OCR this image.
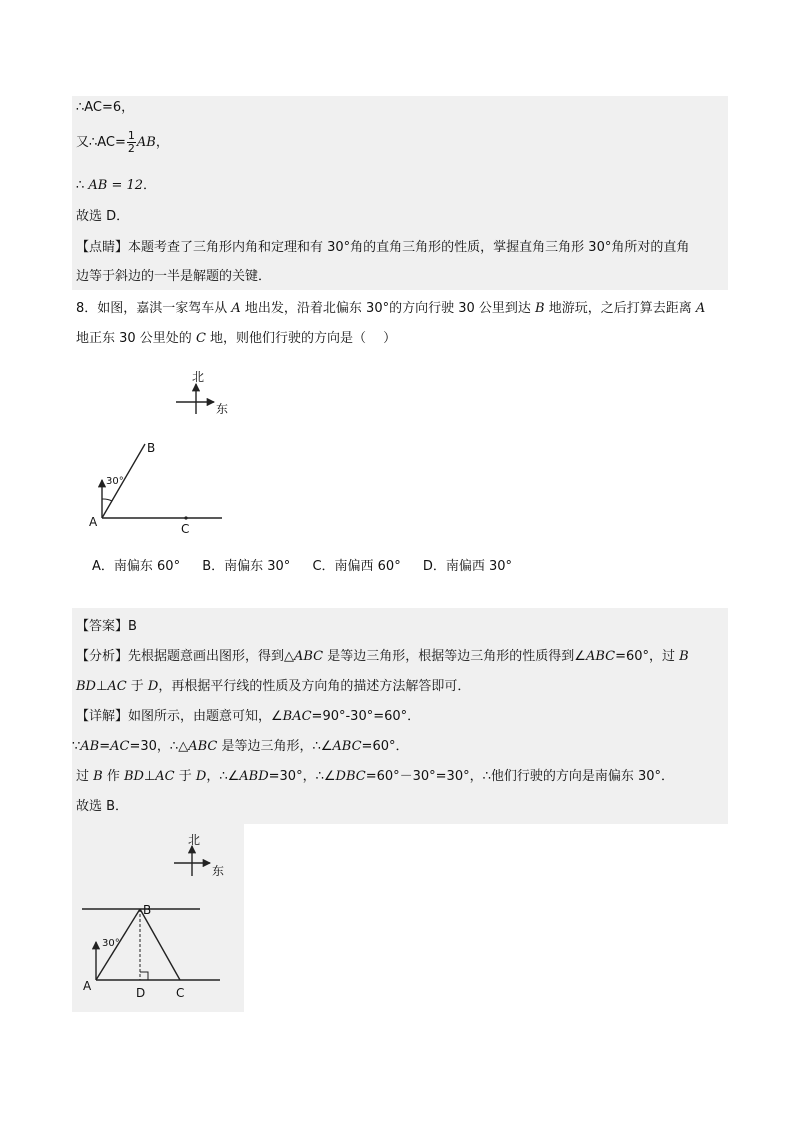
∴AC=6，
又∴AC= $\frac{1}{2}$ AB，
∴ AB = 12．
故选 D．
【点睛】本题考查了三角形内角和定理和有 30°角的直角三角形的性质，掌握直角三角形 30°角所对的直角
边等于斜边的一半是解题的关键．
8．如图，嘉淇一家驾车从 A 地出发，沿着北偏东 30°的方向行驶 30 公里到达 B 地游玩，之后打算去距离 A
地正东 30 公里处的 C 地，则他们行驶的方向是（　 ）
北
东
30°
A
B
C
北
东
30°
A
B
D	C
A．南偏东 60° B．南偏东 30° C．南偏西 60° D．南偏西 30°
【答案】B
【分析】先根据题意画出图形，得到△ABC 是等边三角形，根据等边三角形的性质得到∠ABC=60°，过 B
BD⊥AC 于 D，再根据平行线的性质及方向角的描述方法解答即可．
【详解】如图所示，由题意可知，∠BAC=90°-30°=60°．
∵AB=AC=30，∴△ABC 是等边三角形，∴∠ABC=60°．
过 B 作 BD⊥AC 于 D，∴∠ABD=30°，∴∠DBC=60°－30°=30°，∴他们行驶的方向是南偏东 30°．
故选 B．
